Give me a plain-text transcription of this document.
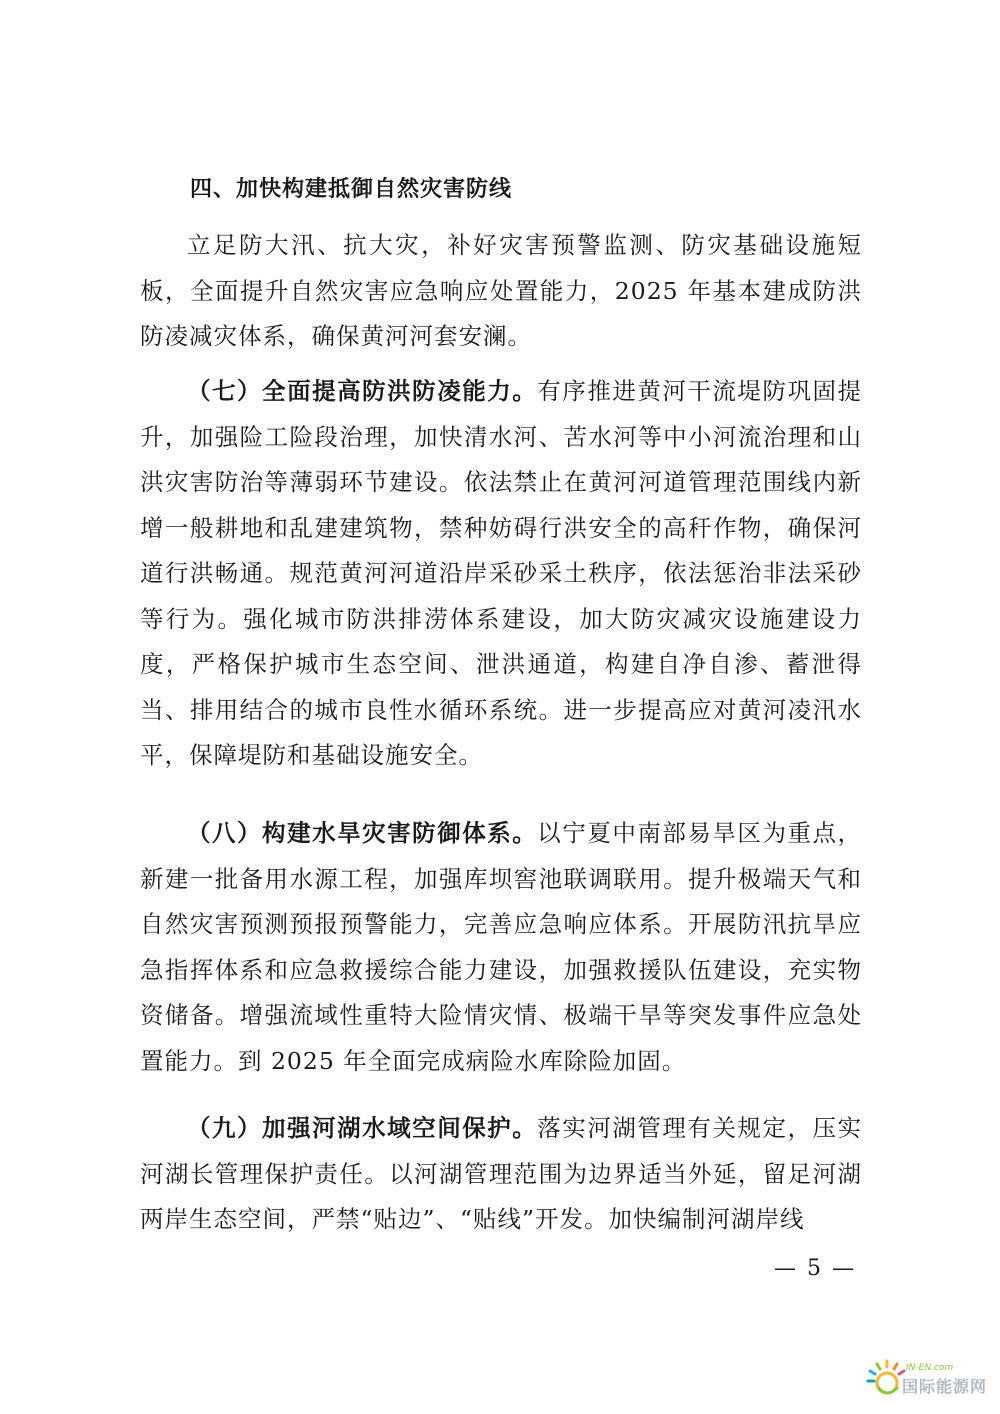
四、加快构建抵御自然灾害防线

立足防大汛、抗大灾，补好灾害预警监测、防灾基础设施短板，全面提升自然灾害应急响应处置能力，2025 年基本建成防洪防凌减灾体系，确保黄河河套安澜。

（七）全面提高防洪防凌能力。有序推进黄河干流堤防巩固提升，加强险工险段治理，加快清水河、苦水河等中小河流治理和山洪灾害防治等薄弱环节建设。依法禁止在黄河河道管理范围线内新增一般耕地和乱建建筑物，禁种妨碍行洪安全的高秆作物，确保河道行洪畅通。规范黄河河道沿岸采砂采土秩序，依法惩治非法采砂等行为。强化城市防洪排涝体系建设，加大防灾减灾设施建设力度，严格保护城市生态空间、泄洪通道，构建自净自渗、蓄泄得当、排用结合的城市良性水循环系统。进一步提高应对黄河凌汛水平，保障堤防和基础设施安全。

（八）构建水旱灾害防御体系。以宁夏中南部易旱区为重点，新建一批备用水源工程，加强库坝窖池联调联用。提升极端天气和自然灾害预测预报预警能力，完善应急响应体系。开展防汛抗旱应急指挥体系和应急救援综合能力建设，加强救援队伍建设，充实物资储备。增强流域性重特大险情灾情、极端干旱等突发事件应急处置能力。到 2025 年全面完成病险水库除险加固。

（九）加强河湖水域空间保护。落实河湖管理有关规定，压实河湖长管理保护责任。以河湖管理范围为边界适当外延，留足河湖两岸生态空间，严禁“贴边”、“贴线”开发。加快编制河湖岸线

— 5 —
IN-EN.com
国际能源网
